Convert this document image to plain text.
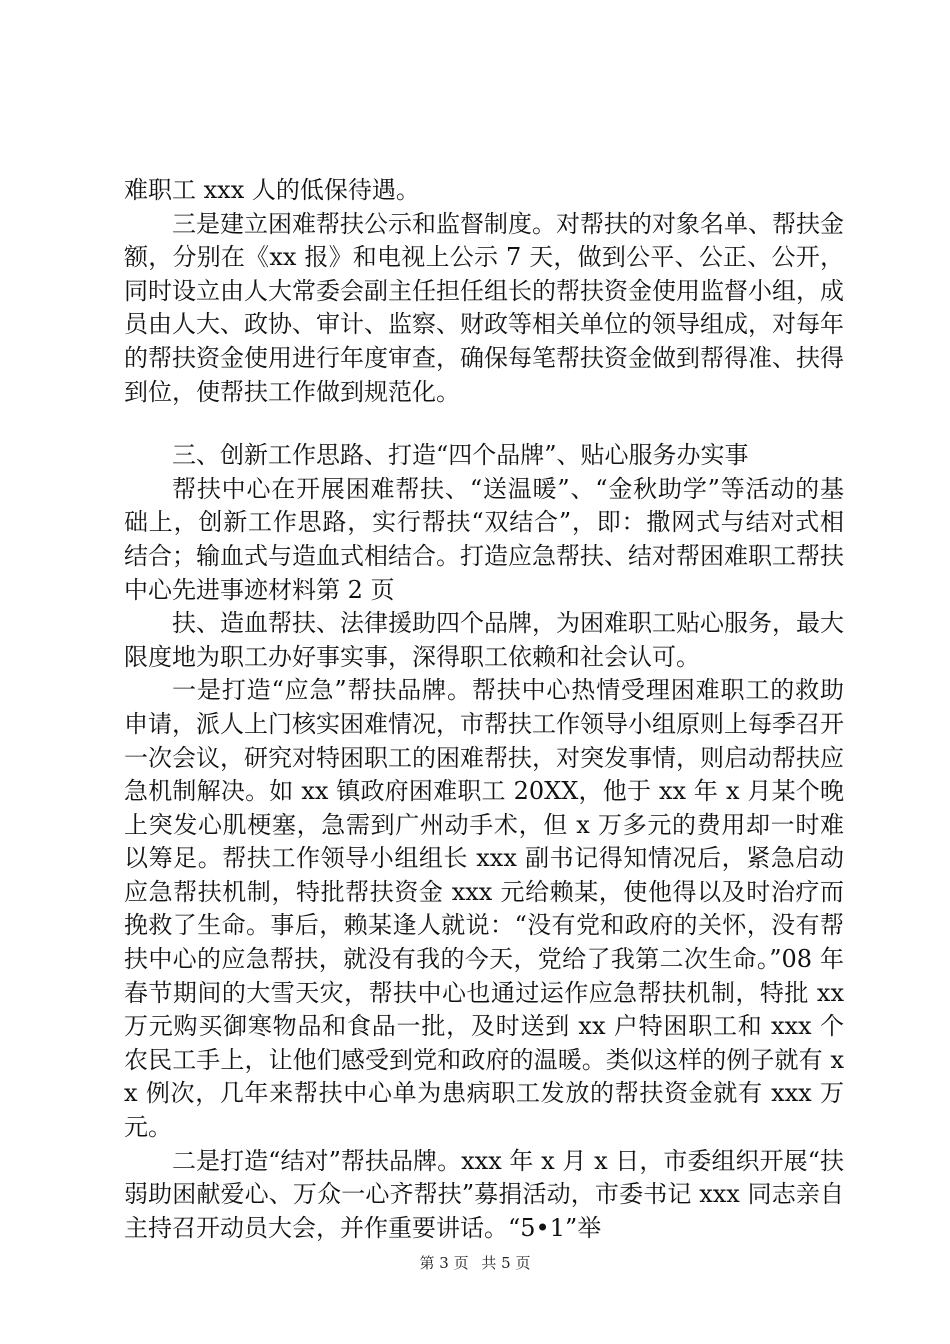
难职工 xxx 人的低保待遇。

三是建立困难帮扶公示和监督制度。对帮扶的对象名单、帮扶金额，分别在《xx 报》和电视上公示 7 天，做到公平、公正、公开，同时设立由人大常委会副主任担任组长的帮扶资金使用监督小组，成员由人大、政协、审计、监察、财政等相关单位的领导组成，对每年的帮扶资金使用进行年度审查，确保每笔帮扶资金做到帮得准、扶得到位，使帮扶工作做到规范化。

三、创新工作思路、打造“四个品牌”、贴心服务办实事

帮扶中心在开展困难帮扶、“送温暖”、“金秋助学”等活动的基础上，创新工作思路，实行帮扶“双结合”，即：撒网式与结对式相结合；输血式与造血式相结合。打造应急帮扶、结对帮困难职工帮扶中心先进事迹材料第 2 页

扶、造血帮扶、法律援助四个品牌，为困难职工贴心服务，最大限度地为职工办好事实事，深得职工依赖和社会认可。

一是打造“应急”帮扶品牌。帮扶中心热情受理困难职工的救助申请，派人上门核实困难情况，市帮扶工作领导小组原则上每季召开一次会议，研究对特困职工的困难帮扶，对突发事情，则启动帮扶应急机制解决。如 xx 镇政府困难职工 20XX，他于 xx 年 x 月某个晚上突发心肌梗塞，急需到广州动手术，但 x 万多元的费用却一时难以筹足。帮扶工作领导小组组长 xxx 副书记得知情况后，紧急启动应急帮扶机制，特批帮扶资金 xxx 元给赖某，使他得以及时治疗而挽救了生命。事后，赖某逢人就说：“没有党和政府的关怀，没有帮扶中心的应急帮扶，就没有我的今天，党给了我第二次生命。”08 年春节期间的大雪天灾，帮扶中心也通过运作应急帮扶机制，特批 xx 万元购买御寒物品和食品一批，及时送到 xx 户特困职工和 xxx 个农民工手上，让他们感受到党和政府的温暖。类似这样的例子就有 xx 例次，几年来帮扶中心单为患病职工发放的帮扶资金就有 xxx 万元。

二是打造“结对”帮扶品牌。xxx 年 x 月 x 日，市委组织开展“扶弱助困献爱心、万众一心齐帮扶”募捐活动，市委书记 xxx 同志亲自主持召开动员大会，并作重要讲话。“5•1”举

第 3 页 共 5 页
